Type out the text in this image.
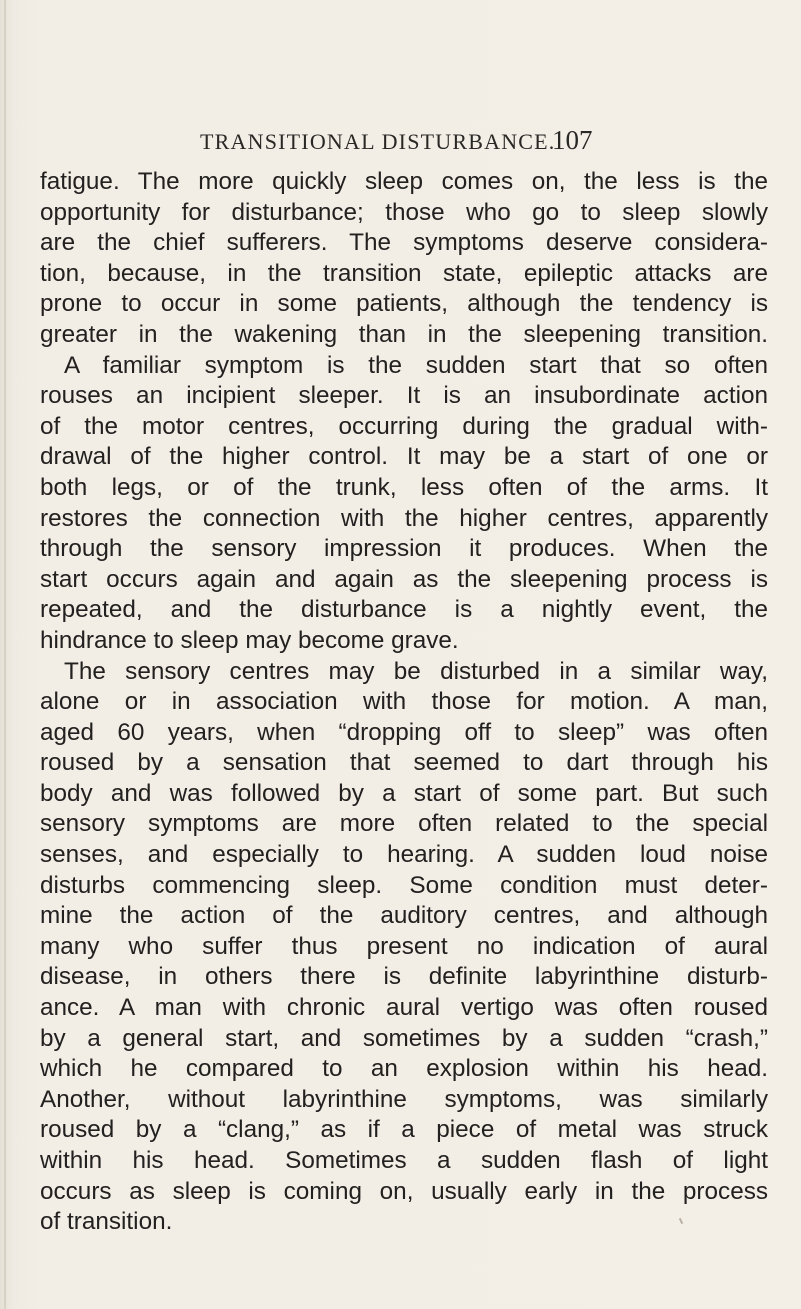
TRANSITIONAL DISTURBANCE.
107
fatigue. The more quickly sleep comes on, the less is the
opportunity for disturbance; those who go to sleep slowly
are the chief sufferers. The symptoms deserve considera-
tion, because, in the transition state, epileptic attacks are
prone to occur in some patients, although the tendency is
greater in the wakening than in the sleepening transition.
A familiar symptom is the sudden start that so often
rouses an incipient sleeper. It is an insubordinate action
of the motor centres, occurring during the gradual with-
drawal of the higher control. It may be a start of one or
both legs, or of the trunk, less often of the arms. It
restores the connection with the higher centres, apparently
through the sensory impression it produces. When the
start occurs again and again as the sleepening process is
repeated, and the disturbance is a nightly event, the
hindrance to sleep may become grave.
The sensory centres may be disturbed in a similar way,
alone or in association with those for motion. A man,
aged 60 years, when “dropping off to sleep” was often
roused by a sensation that seemed to dart through his
body and was followed by a start of some part. But such
sensory symptoms are more often related to the special
senses, and especially to hearing. A sudden loud noise
disturbs commencing sleep. Some condition must deter-
mine the action of the auditory centres, and although
many who suffer thus present no indication of aural
disease, in others there is definite labyrinthine disturb-
ance. A man with chronic aural vertigo was often roused
by a general start, and sometimes by a sudden “crash,”
which he compared to an explosion within his head.
Another, without labyrinthine symptoms, was similarly
roused by a “clang,” as if a piece of metal was struck
within his head. Sometimes a sudden flash of light
occurs as sleep is coming on, usually early in the process
of transition.
